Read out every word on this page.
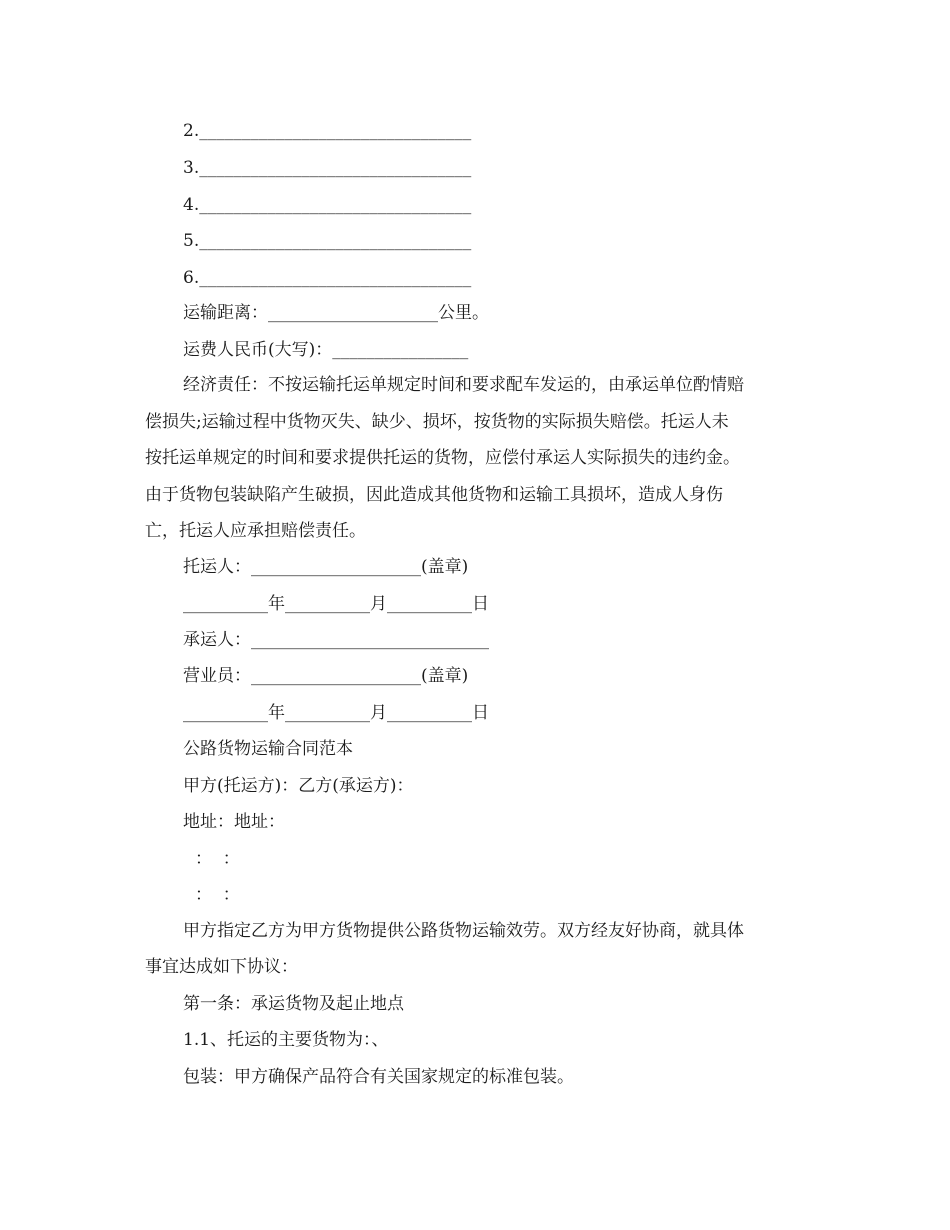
2.________________________________
3.________________________________
4.________________________________
5.________________________________
6.________________________________
运输距离：____________________公里。
运费人民币(大写)：________________
经济责任：不按运输托运单规定时间和要求配车发运的，由承运单位酌情赔
偿损失;运输过程中货物灭失、缺少、损坏，按货物的实际损失赔偿。托运人未
按托运单规定的时间和要求提供托运的货物，应偿付承运人实际损失的违约金。
由于货物包装缺陷产生破损，因此造成其他货物和运输工具损坏，造成人身伤
亡，托运人应承担赔偿责任。
托运人：____________________(盖章)
__________年__________月__________日
承运人：____________________________
营业员：____________________(盖章)
__________年__________月__________日
公路货物运输合同范本
甲方(托运方)：乙方(承运方)：
地址：地址：
：  ：
：  ：
甲方指定乙方为甲方货物提供公路货物运输效劳。双方经友好协商，就具体
事宜达成如下协议：
第一条：承运货物及起止地点
1.1、托运的主要货物为：、
包装：甲方确保产品符合有关国家规定的标准包装。
